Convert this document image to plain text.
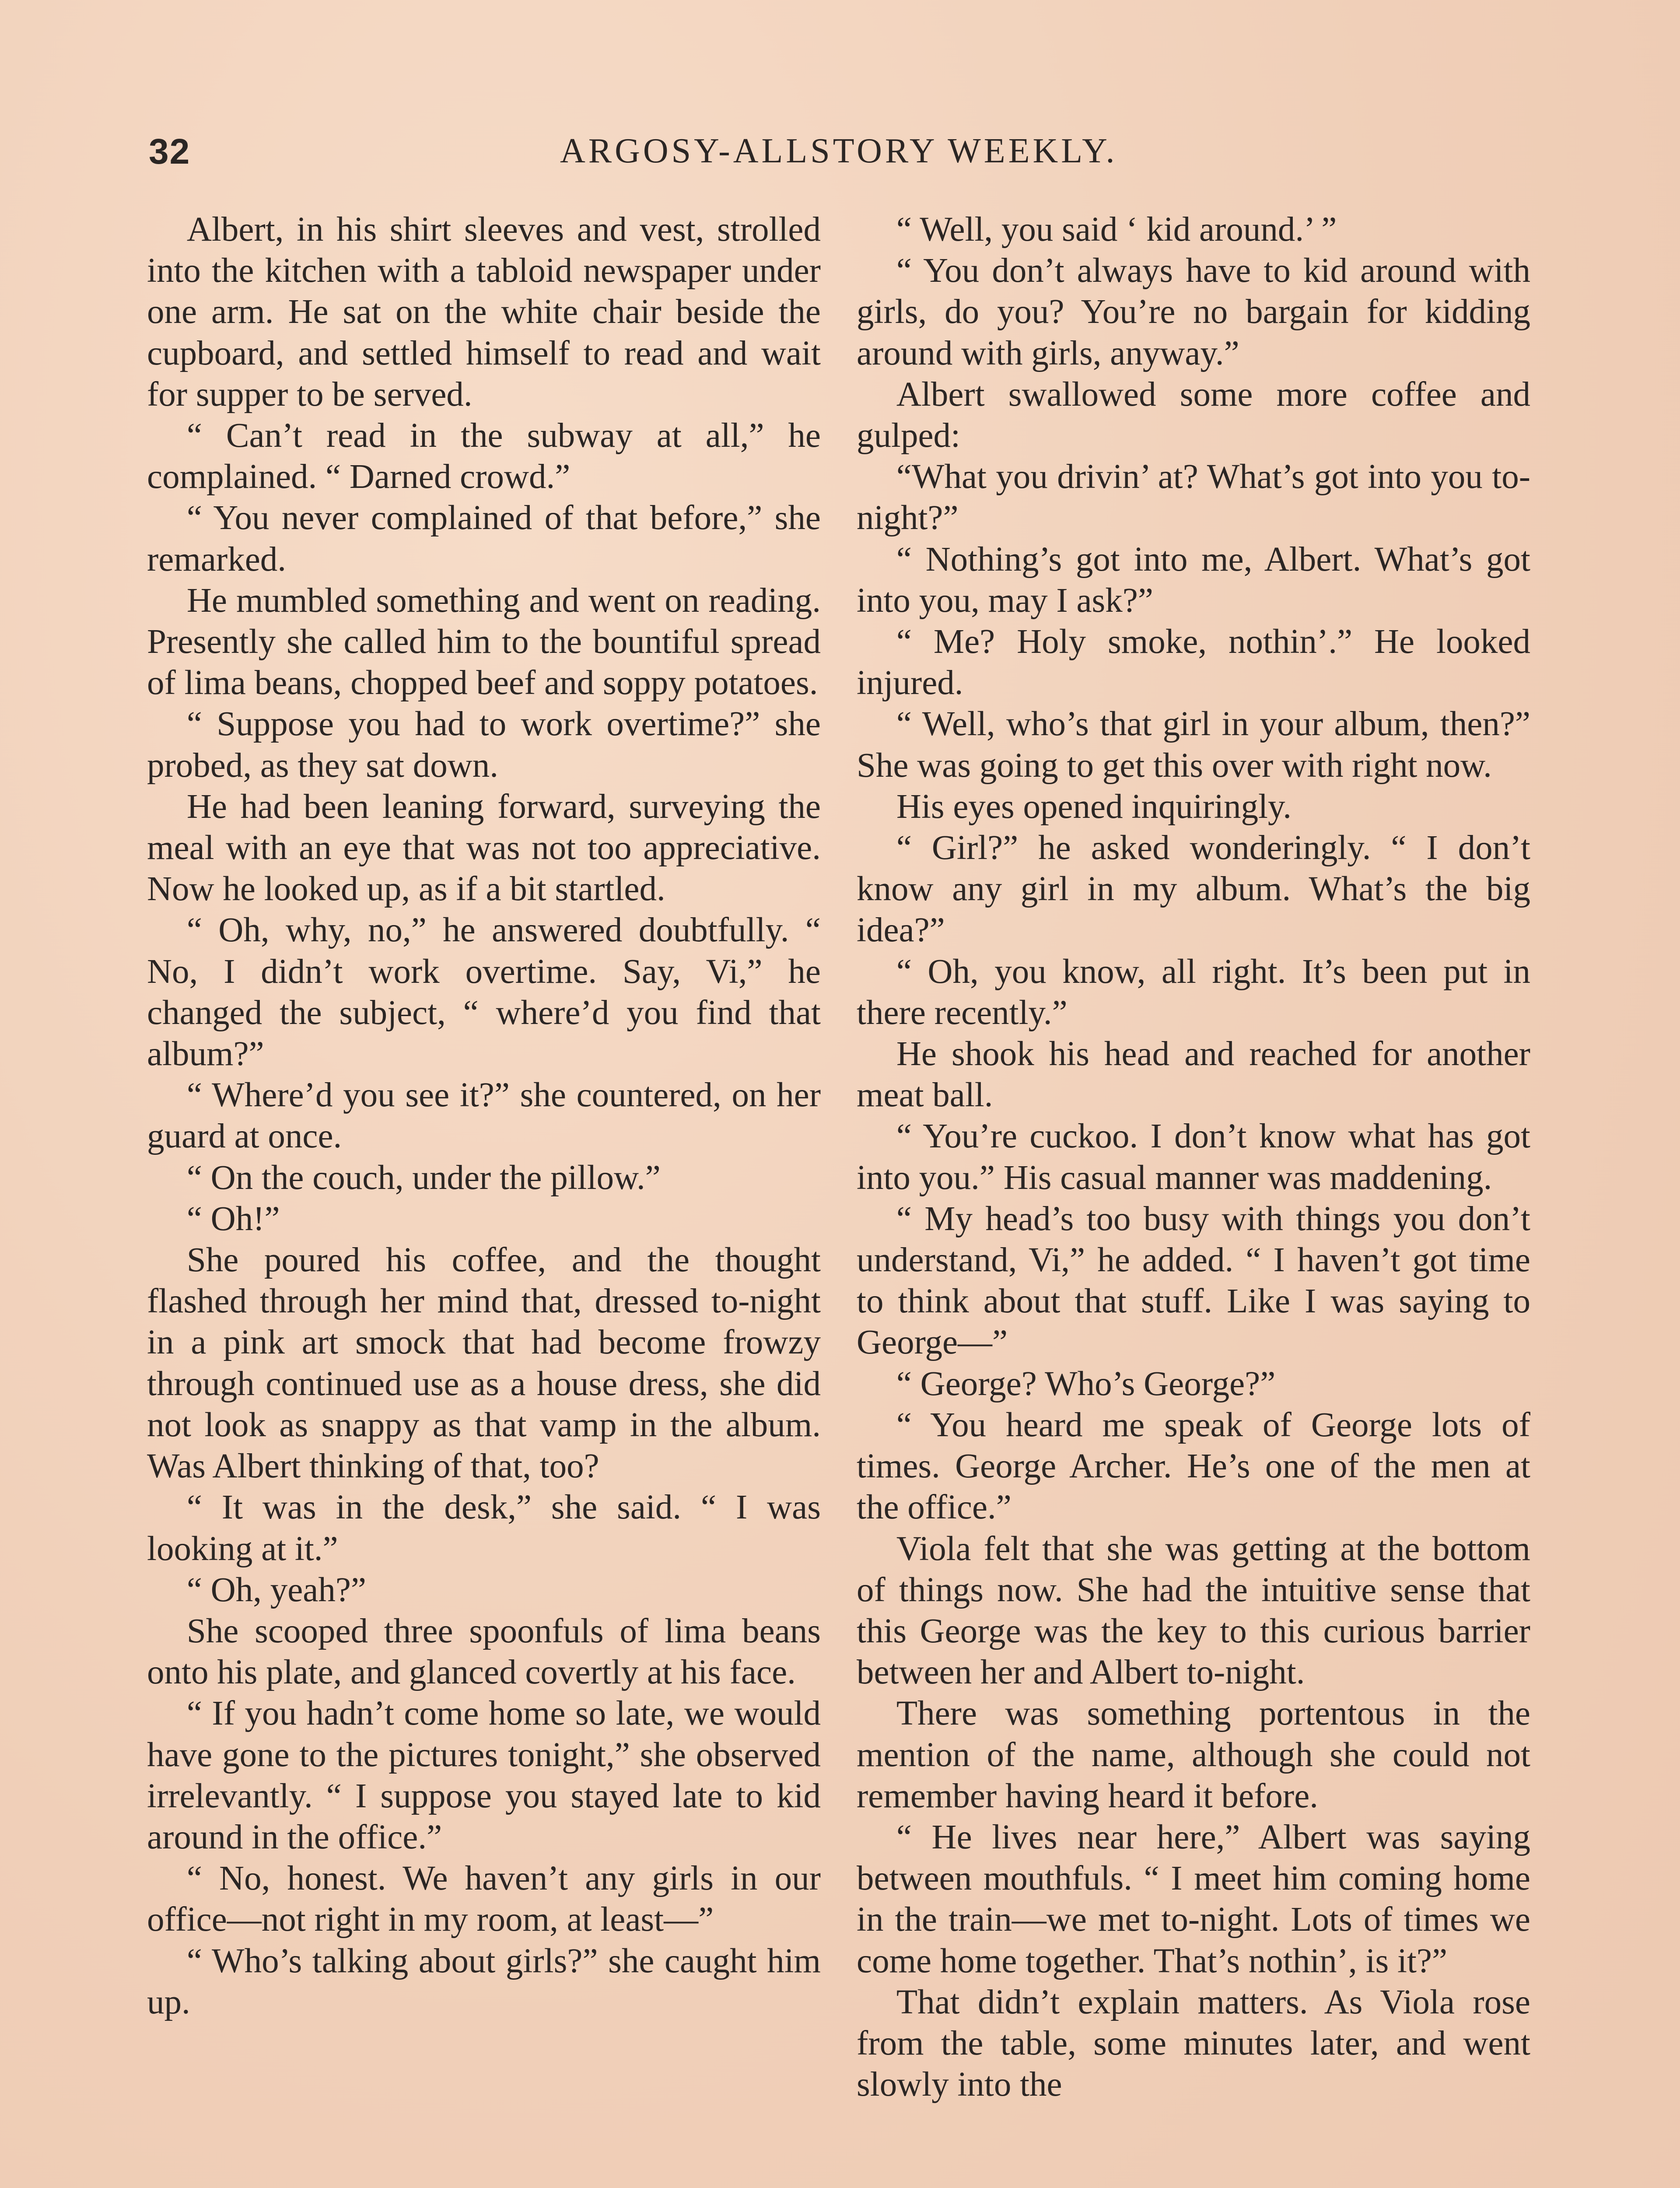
32	ARGOSY-ALLSTORY WEEKLY.

Albert, in his shirt sleeves and vest, strolled into the kitchen with a tabloid newspaper under one arm. He sat on the white chair beside the cupboard, and settled himself to read and wait for supper to be served.

“ Can’t read in the subway at all,” he complained. “ Darned crowd.”

“ You never complained of that before,” she remarked.

He mumbled something and went on reading. Presently she called him to the bountiful spread of lima beans, chopped beef and soppy potatoes.

“ Suppose you had to work overtime?” she probed, as they sat down.

He had been leaning forward, surveying the meal with an eye that was not too appreciative. Now he looked up, as if a bit startled.

“ Oh, why, no,” he answered doubtfully. “ No, I didn’t work overtime. Say, Vi,” he changed the subject, “ where’d you find that album?”

“ Where’d you see it?” she countered, on her guard at once.

“ On the couch, under the pillow.”

“ Oh!”

She poured his coffee, and the thought flashed through her mind that, dressed to-night in a pink art smock that had become frowzy through continued use as a house dress, she did not look as snappy as that vamp in the album. Was Albert thinking of that, too?

“ It was in the desk,” she said. “ I was looking at it.”

“ Oh, yeah?”

She scooped three spoonfuls of lima beans onto his plate, and glanced covertly at his face.

“ If you hadn’t come home so late, we would have gone to the pictures tonight,” she observed irrelevantly. “ I suppose you stayed late to kid around in the office.”

“ No, honest. We haven’t any girls in our office—not right in my room, at least—”

“ Who’s talking about girls?” she caught him up.

“ Well, you said ‘ kid around.’ ”

“ You don’t always have to kid around with girls, do you? You’re no bargain for kidding around with girls, anyway.”

Albert swallowed some more coffee and gulped:

“What you drivin’ at? What’s got into you to-night?”

“ Nothing’s got into me, Albert. What’s got into you, may I ask?”

“ Me? Holy smoke, nothin’.” He looked injured.

“ Well, who’s that girl in your album, then?” She was going to get this over with right now.

His eyes opened inquiringly.

“ Girl?” he asked wonderingly. “ I don’t know any girl in my album. What’s the big idea?”

“ Oh, you know, all right. It’s been put in there recently.”

He shook his head and reached for another meat ball.

“ You’re cuckoo. I don’t know what has got into you.” His casual manner was maddening.

“ My head’s too busy with things you don’t understand, Vi,” he added. “ I haven’t got time to think about that stuff. Like I was saying to George—”

“ George? Who’s George?”

“ You heard me speak of George lots of times. George Archer. He’s one of the men at the office.”

Viola felt that she was getting at the bottom of things now. She had the intuitive sense that this George was the key to this curious barrier between her and Albert to-night.

There was something portentous in the mention of the name, although she could not remember having heard it before.

“ He lives near here,” Albert was saying between mouthfuls. “ I meet him coming home in the train—we met to-night. Lots of times we come home together. That’s nothin’, is it?”

That didn’t explain matters. As Viola rose from the table, some minutes later, and went slowly into the
